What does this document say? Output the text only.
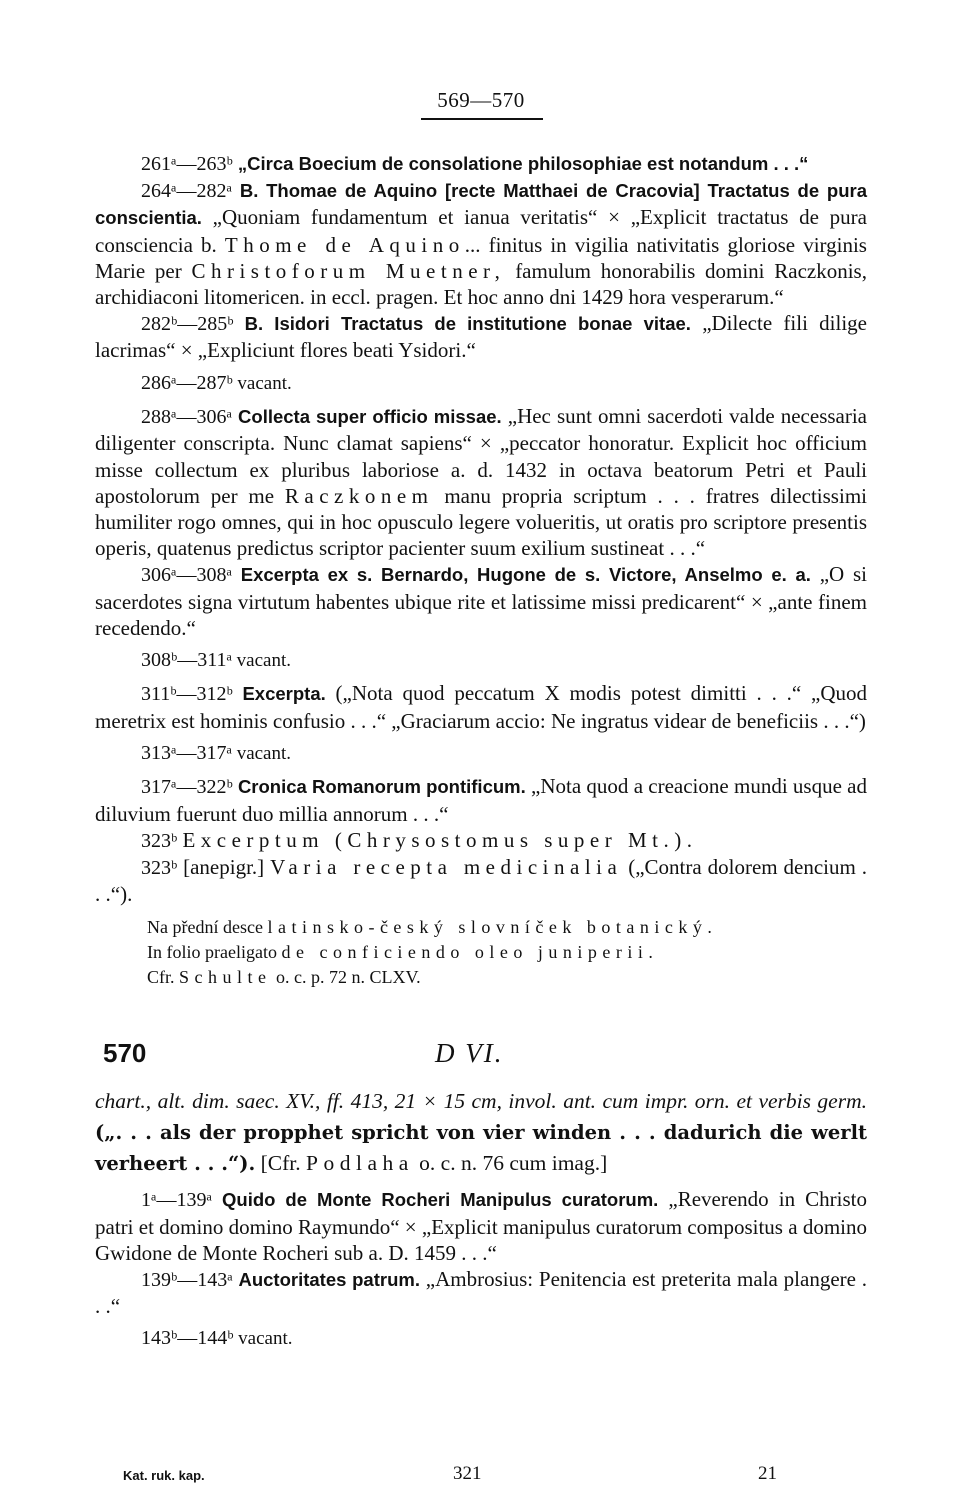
569—570

261ᵃ—263ᵇ „Circa Boecium de consolatione philosophiae est notandum . . .“

264ᵃ—282ᵃ B. Thomae de Aquino [recte Matthaei de Cracovia] Tractatus de pura conscientia. „Quoniam fundamentum et ianua veritatis“ × „Explicit tractatus de pura consciencia b. Thome de Aquino... finitus in vigilia nativitatis gloriose virginis Marie per Christoforum Muetner, famulum honorabilis domini Raczkonis, archidiaconi litomericen. in eccl. pragen. Et hoc anno dni 1429 hora vesperarum.“

282ᵇ—285ᵇ B. Isidori Tractatus de institutione bonae vitae. „Dilecte fili dilige lacrimas“ × „Expliciunt flores beati Ysidori.“

286ᵃ—287ᵇ vacant.

288ᵃ—306ᵃ Collecta super officio missae. „Hec sunt omni sacerdoti valde necessaria diligenter conscripta. Nunc clamat sapiens“ × „peccator honoratur. Explicit hoc officium misse collectum ex pluribus laboriose a. d. 1432 in octava beatorum Petri et Pauli apostolorum per me Raczkonem manu propria scriptum . . . fratres dilectissimi humiliter rogo omnes, qui in hoc opusculo legere volueritis, ut oratis pro scriptore presentis operis, quatenus predictus scriptor pacienter suum exilium sustineat . . .“

306ᵃ—308ᵃ Excerpta ex s. Bernardo, Hugone de s. Victore, Anselmo e. a. „O si sacerdotes signa virtutum habentes ubique rite et latissime missi predicarent“ × „ante finem recedendo.“

308ᵇ—311ᵃ vacant.

311ᵇ—312ᵇ Excerpta. („Nota quod peccatum X modis potest dimitti . . .“ „Quod meretrix est hominis confusio . . .“ „Graciarum accio: Ne ingratus videar de beneficiis . . .“)

313ᵃ—317ᵃ vacant.

317ᵃ—322ᵇ Cronica Romanorum pontificum. „Nota quod a creacione mundi usque ad diluvium fuerunt duo millia annorum . . .“

323ᵇ Excerptum (Chrysostomus super Mt.).

323ᵇ [anepigr.] Varia recepta medicinalia („Contra dolorem dencium . . .“).

Na přední desce latinsko-český slovníček botanický.
In folio praeligato de conficiendo oleo juniperii.
Cfr. Schulte o. c. p. 72 n. CLXV.
570	D VI.

chart., alt. dim. saec. XV., ff. 413, 21 × 15 cm, invol. ant. cum impr. orn. et verbis germ. („. . . als der propphet spricht von vier winden . . . dadurich die werlt verheert . . .“). [Cfr. Podlaha o. c. n. 76 cum imag.]

1ᵃ—139ᵃ Quido de Monte Rocheri Manipulus curatorum. „Reverendo in Christo patri et domino domino Raymundo“ × „Explicit manipulus curatorum compositus a domino Gwidone de Monte Rocheri sub a. D. 1459 . . .“

139ᵇ—143ᵃ Auctoritates patrum. „Ambrosius: Penitencia est preterita mala plangere . . .“

143ᵇ—144ᵇ vacant.

Kat. ruk. kap.	321	21
